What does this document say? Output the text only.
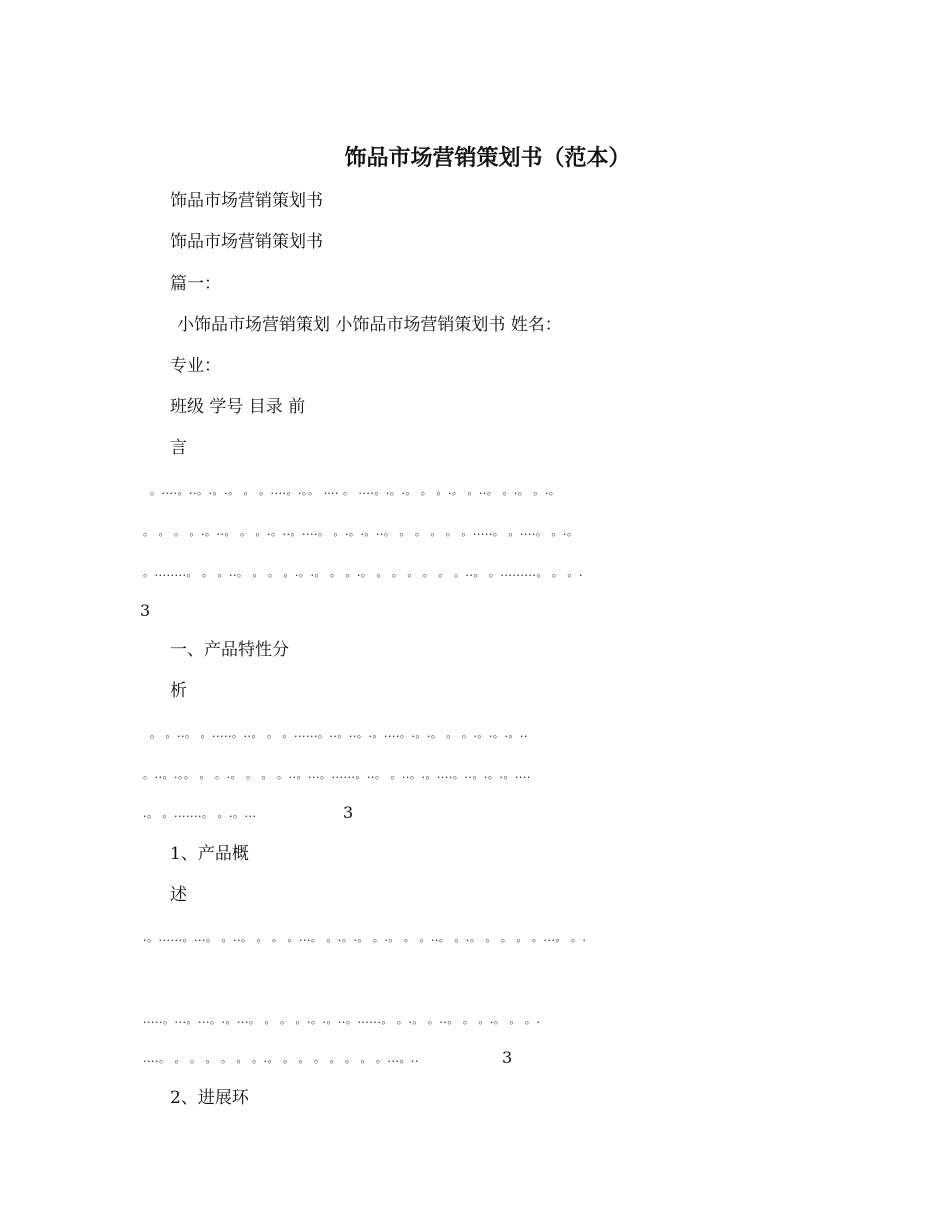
饰品市场营销策划书（范本）
饰品市场营销策划书
饰品市场营销策划书
篇一：
小饰品市场营销策划 小饰品市场营销策划书 姓名：
专业：
班级 学号 目录 前
言
。....。..。.。.。 。 。....。.。。 …. 。 ....。.。.。 。 。.。 。..。 。.。 。.。
。 。 。 。.。..。 。 。.。..。....。 。.。.。..。 。 。 。 。 。.....。 。....。 。.。
。........。 。 。..。 。 。 。.。.。 。 。.。 。 。 。 。 。 。..。 。.........。 。 。.
3
一、产品特性分
析
。 。..。 。.....。..。 。 。......。..。..。.。....。.。.。 。 。.。.。.。..
。..。.。。 。 。.。 。 。 。..。...。......。..。 。..。.。....。..。.。.。....
.。 。.......。 。.。...	3
1、产品概
述
.。......。...。 。..。 。 。 。...。 。.。.。 。.。 。 。..。 。.。 。 。 。 。...。 。.
.....。...。...。.。...。 。 。 。.。.。..。......。 。.。 。..。 。 。.。 。 。.
....。 。 。 。 。 。 。.。 。 。 。 。 。 。 。...。..	3
2、进展环
